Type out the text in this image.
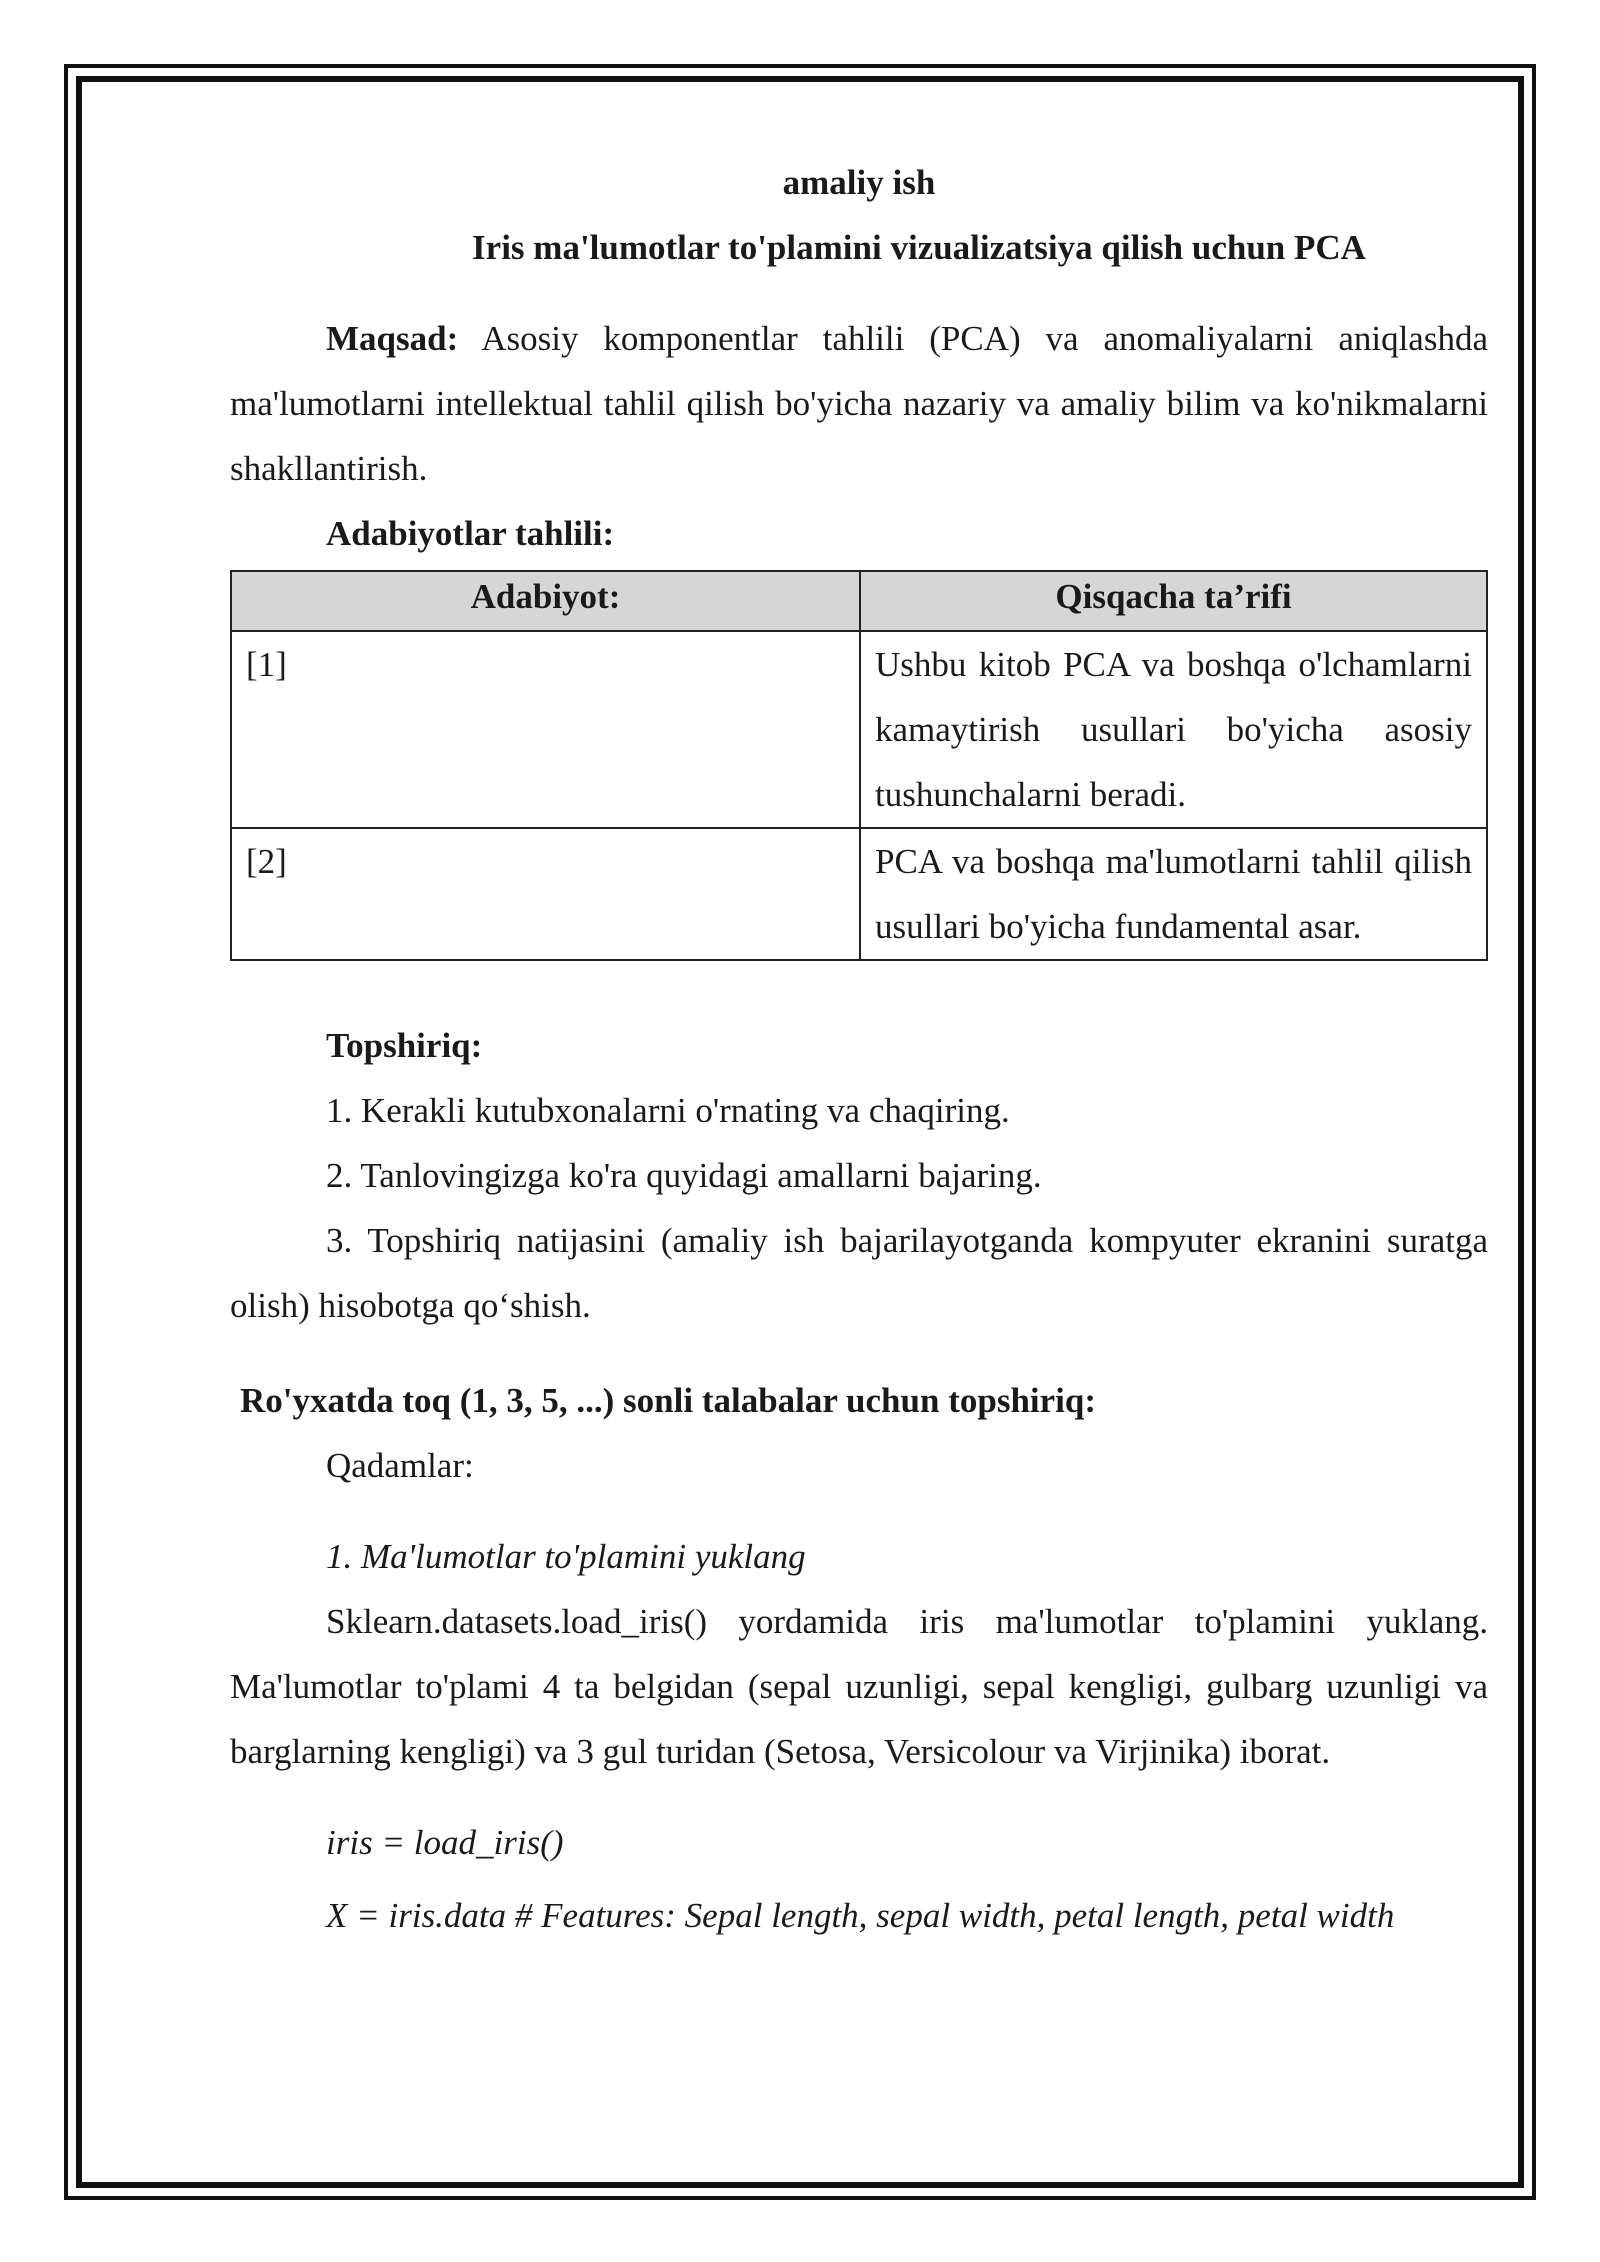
amaliy ish

Iris ma'lumotlar to'plamini vizualizatsiya qilish uchun PCA

Maqsad: Asosiy komponentlar tahlili (PCA) va anomaliyalarni aniqlashda ma'lumotlarni intellektual tahlil qilish bo'yicha nazariy va amaliy bilim va ko'nikmalarni shakllantirish.

Adabiyotlar tahlili:

Adabiyot:	Qisqacha ta’rifi
[1]	Ushbu kitob PCA va boshqa o'lchamlarni kamaytirish usullari bo'yicha asosiy tushunchalarni beradi.
[2]	PCA va boshqa ma'lumotlarni tahlil qilish usullari bo'yicha fundamental asar.

Topshiriq:

1. Kerakli kutubxonalarni o'rnating va chaqiring.

2. Tanlovingizga ko'ra quyidagi amallarni bajaring.

3. Topshiriq natijasini (amaliy ish bajarilayotganda kompyuter ekranini suratga olish) hisobotga qo‘shish.

Ro'yxatda toq (1, 3, 5, ...) sonli talabalar uchun topshiriq:

Qadamlar:

1. Ma'lumotlar to'plamini yuklang

Sklearn.datasets.load_iris() yordamida iris ma'lumotlar to'plamini yuklang. Ma'lumotlar to'plami 4 ta belgidan (sepal uzunligi, sepal kengligi, gulbarg uzunligi va barglarning kengligi) va 3 gul turidan (Setosa, Versicolour va Virjinika) iborat.

iris = load_iris()

X = iris.data # Features: Sepal length, sepal width, petal length, petal width
